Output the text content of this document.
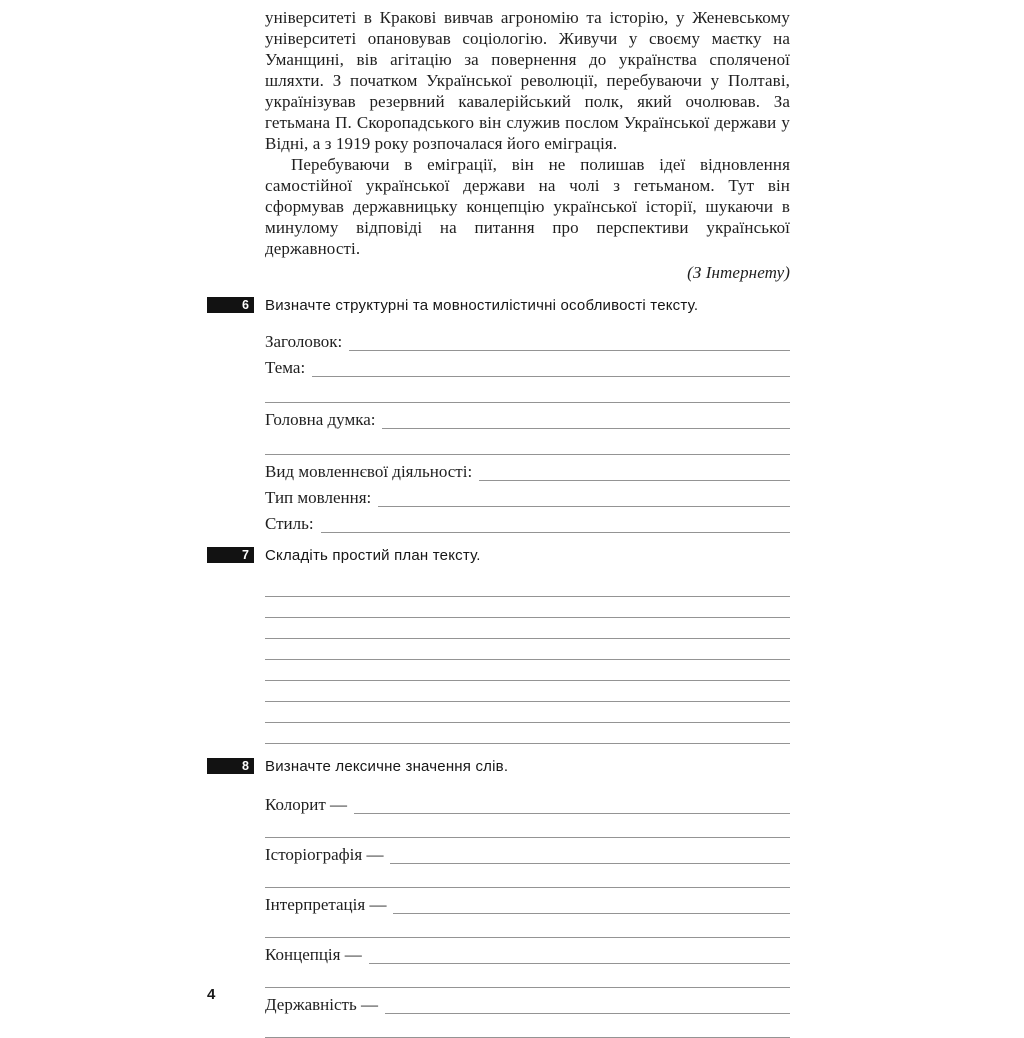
університеті в Кракові вивчав агрономію та історію, у Женевському університеті опановував соціологію. Живучи у своєму маєтку на Уманщині, вів агітацію за повернення до українства споляченої шляхти. З початком Української революції, перебуваючи у Полтаві, українізував резервний кавалерійський полк, який очолював. За гетьмана П. Скоропадського він служив послом Української держави у Відні, а з 1919 року розпочалася його еміграція.

Перебуваючи в еміграції, він не полишав ідеї відновлення самостійної української держави на чолі з гетьманом. Тут він сформував державницьку концепцію української історії, шукаючи в минулому відповіді на питання про перспективи української державності.

(З Інтернету)

6	Визначте структурні та мовностилістичні особливості тексту.
Заголовок:
Тема:
Головна думка:
Вид мовленнєвої діяльності:
Тип мовлення:
Стиль:
7	Складіть простий план тексту.
8	Визначте лексичне значення слів.
Колорит —
Історіографія —
Інтерпретація —
Концепція —
Державність —
4
